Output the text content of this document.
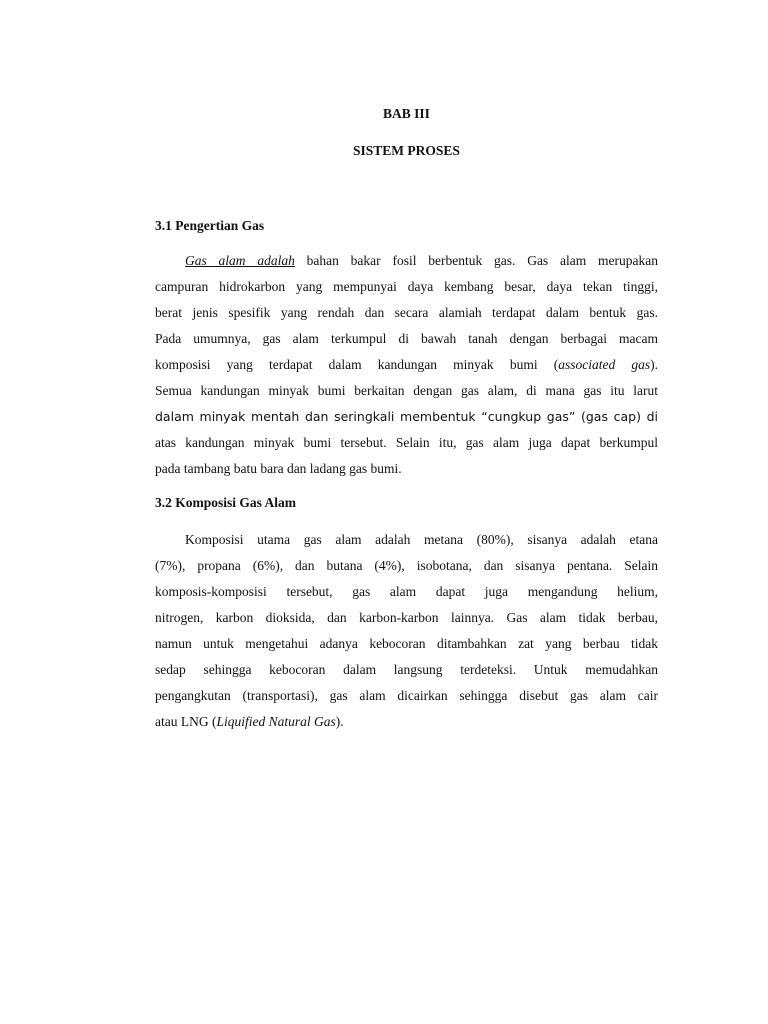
BAB III
SISTEM PROSES
3.1 Pengertian Gas
Gas alam adalah bahan bakar fosil berbentuk gas. Gas alam merupakan
campuran hidrokarbon yang mempunyai daya kembang besar, daya tekan tinggi,
berat jenis spesifik yang rendah dan secara alamiah terdapat dalam bentuk gas.
Pada umumnya, gas alam terkumpul di bawah tanah dengan berbagai macam
komposisi yang terdapat dalam kandungan minyak bumi (associated gas).
Semua kandungan minyak bumi berkaitan dengan gas alam, di mana gas itu larut
dalam minyak mentah dan seringkali membentuk “cungkup gas” (gas cap) di
atas kandungan minyak bumi tersebut. Selain itu, gas alam juga dapat berkumpul
pada tambang batu bara dan ladang gas bumi.
3.2 Komposisi Gas Alam
Komposisi utama gas alam adalah metana (80%), sisanya adalah etana
(7%), propana (6%), dan butana (4%), isobotana, dan sisanya pentana. Selain
komposis-komposisi tersebut, gas alam dapat juga mengandung helium,
nitrogen, karbon dioksida, dan karbon-karbon lainnya. Gas alam tidak berbau,
namun untuk mengetahui adanya kebocoran ditambahkan zat yang berbau tidak
sedap sehingga kebocoran dalam langsung terdeteksi. Untuk memudahkan
pengangkutan (transportasi), gas alam dicairkan sehingga disebut gas alam cair
atau LNG (Liquified Natural Gas).
